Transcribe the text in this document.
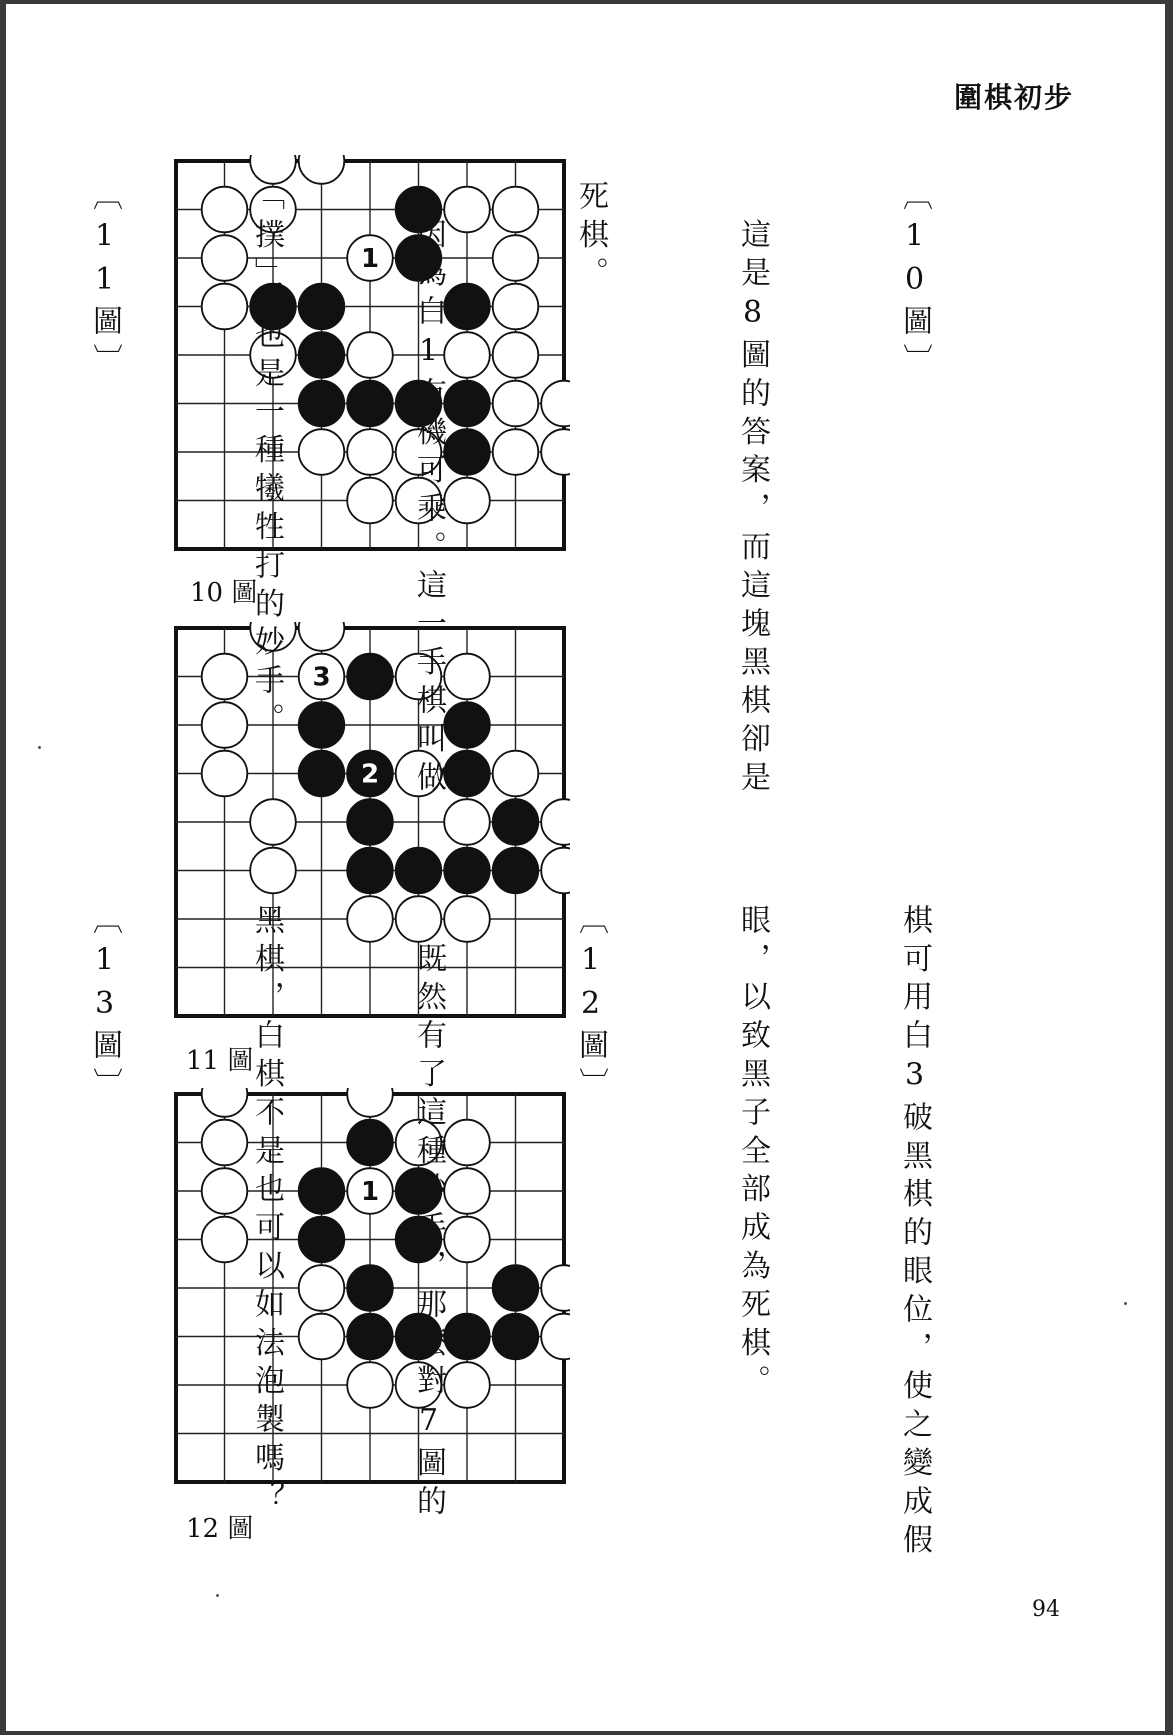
圍棋初步
1
10 圖
3
2
11 圖
1
12 圖

〔10圖〕

　這是8圖的答案，而這塊黑棋卻是

死棋。

　因為白1有機可乘。這一手棋叫做

「撲」，也是一種犧牲打的妙手。

〔11圖〕

棋可用白3破黑棋的眼位，使之變成假

眼，以致黑子全部成為死棋。

〔12圖〕

　既然有了這種妙手，那麼對7圖的

黑棋，白棋不是也可以如法泡製嗎？

〔13圖〕

94
